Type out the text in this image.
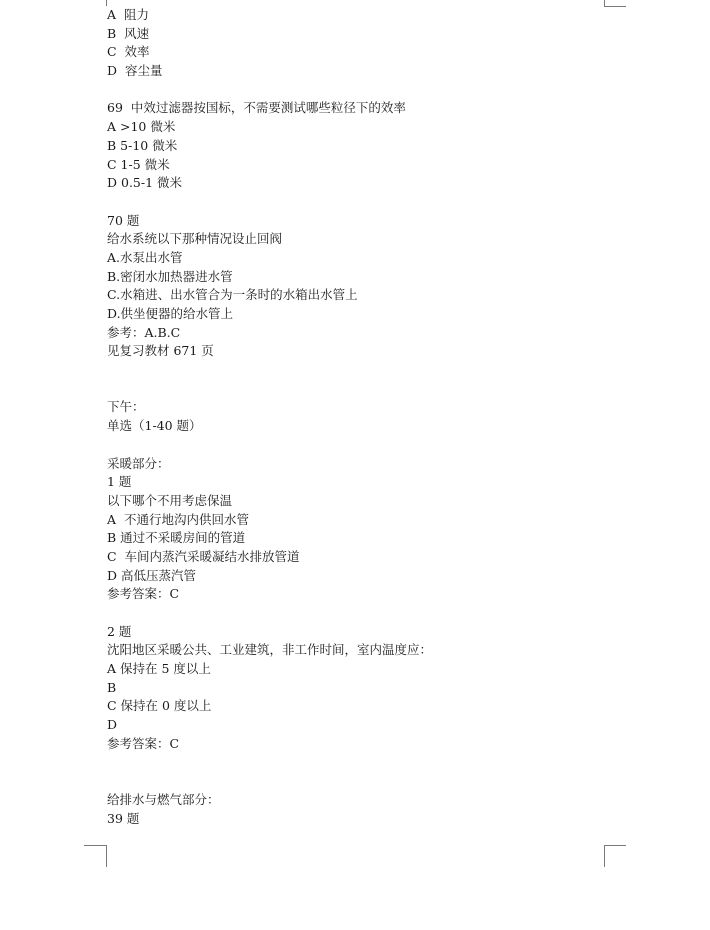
A  阻力
B  风速
C  效率
D  容尘量
69  中效过滤器按国标，不需要测试哪些粒径下的效率
A >10 微米
B 5-10 微米
C 1-5 微米
D 0.5-1 微米
70 题
给水系统以下那种情况设止回阀
A.水泵出水管
B.密闭水加热器进水管
C.水箱进、出水管合为一条时的水箱出水管上
D.供坐便器的给水管上
参考：A.B.C
见复习教材 671 页
下午：
单选（1-40 题）
采暖部分：
1 题
以下哪个不用考虑保温
A  不通行地沟内供回水管
B 通过不采暖房间的管道
C  车间内蒸汽采暖凝结水排放管道
D 高低压蒸汽管
参考答案：C
2 题
沈阳地区采暖公共、工业建筑，非工作时间，室内温度应：
A 保持在 5 度以上
B
C 保持在 0 度以上
D
参考答案：C
给排水与燃气部分：
39 题
